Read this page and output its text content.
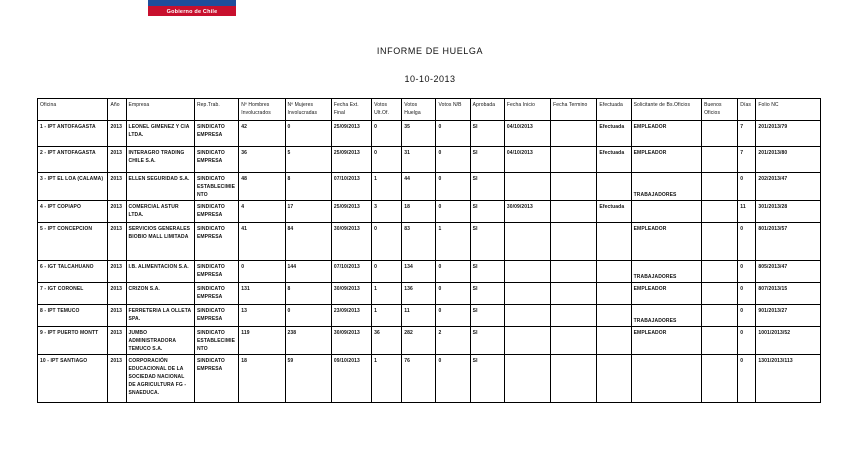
Gobierno de Chile
INFORME DE HUELGA
10-10-2013
Oficina	Año	Empresa	Rep.Trab.	Nº Hombres Involucrados	Nº Mujeres Involucradas	Fecha Ext. Final	Votos Ult.Of.	Votos Huelga	Votos N/B	Aprobada	Fecha Inicio	Fecha Termino	Efectuada	Solicitante de Bs.Oficios	Buenos Oficios	Días	Folio NC
1 - IPT ANTOFAGASTA	2013	LEONEL GIMENEZ Y CIA LTDA.	SINDICATO EMPRESA	42	0	25/09/2013	0	35	0	SI	04/10/2013		Efectuada	EMPLEADOR		7	201/2013/79
2 - IPT ANTOFAGASTA	2013	INTERAGRO TRADING CHILE S.A.	SINDICATO EMPRESA	36	5	25/09/2013	0	31	0	SI	04/10/2013		Efectuada	EMPLEADOR		7	201/2013/80
3 - IPT EL LOA (CALAMA)	2013	ELLEN SEGURIDAD S.A.	SINDICATO ESTABLECIMIENTO	48	8	07/10/2013	1	44	0	SI				TRABAJADORES		0	202/2013/47
4 - IPT COPIAPO	2013	COMERCIAL ASTUR LTDA.	SINDICATO EMPRESA	4	17	25/09/2013	3	18	0	SI	30/09/2013		Efectuada			11	301/2013/28
5 - IPT CONCEPCION	2013	SERVICIOS GENERALES BIOBIO MALL LIMITADA	SINDICATO EMPRESA	41	84	30/09/2013	0	83	1	SI				EMPLEADOR		0	801/2013/57
6 - IGT TALCAHUANO	2013	I.B. ALIMENTACION S.A.	SINDICATO EMPRESA	0	144	07/10/2013	0	134	0	SI				TRABAJADORES		0	805/2013/47
7 - IGT CORONEL	2013	CRIZON S.A.	SINDICATO EMPRESA	131	8	30/09/2013	1	136	0	SI				EMPLEADOR		0	807/2013/15
8 - IPT TEMUCO	2013	FERRETERIA LA OLLETA SPA.	SINDICATO EMPRESA	13	0	23/09/2013	1	11	0	SI				TRABAJADORES		0	901/2013/27
9 - IPT PUERTO MONTT	2013	JUMBO ADMINISTRADORA TEMUCO S.A.	SINDICATO ESTABLECIMIENTO	119	238	30/09/2013	36	282	2	SI				EMPLEADOR		0	1001/2013/52
10 - IPT SANTIAGO	2013	CORPORACIÓN EDUCACIONAL DE LA SOCIEDAD NACIONAL DE AGRICULTURA FG - SNAEDUCA.	SINDICATO EMPRESA	18	59	09/10/2013	1	76	0	SI						0	1301/2013/113
